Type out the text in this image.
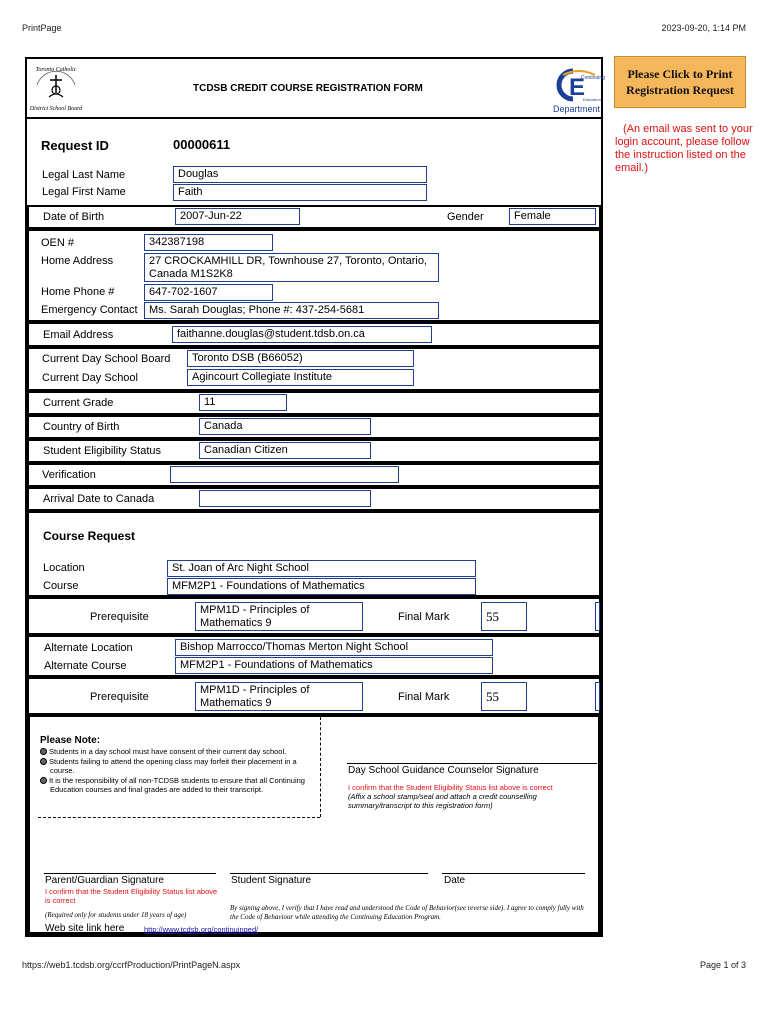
PrintPage	2023-09-20, 1:14 PM
https://web1.tcdsb.org/ccrfProduction/PrintPageN.aspx	Page 1 of 3
Please Click to Print Registration Request
(An email was sent to your login account, please follow the instruction listed on the email.)
Toronto Catholic
District School Board
TCDSB CREDIT COURSE REGISTRATION FORM	E
Continuing
Education
Department
Request ID	00000611
Legal Last Name	Douglas
Legal First Name	Faith
Date of Birth	2007-Jun-22	Gender	Female
OEN #	342387198
Home Address	27 CROCKAMHILL DR, Townhouse 27, Toronto, Ontario, Canada M1S2K8
Home Phone #	647-702-1607
Emergency Contact	Ms. Sarah Douglas; Phone #: 437-254-5681
Email Address	faithanne.douglas@student.tdsb.on.ca
Current Day School Board	Toronto DSB (B66052)
Current Day School	Agincourt Collegiate Institute
Current Grade	11
Country of Birth	Canada
Student Eligibility Status	Canadian Citizen
Verification
Arrival Date to Canada
Course Request
Location	St. Joan of Arc Night School
Course	MFM2P1 - Foundations of Mathematics
Prerequisite
MPM1D - Principles of Mathematics 9	Final Mark	55
Alternate Location	Bishop Marrocco/Thomas Merton Night School
Alternate Course	MFM2P1 - Foundations of Mathematics
Prerequisite
MPM1D - Principles of Mathematics 9	Final Mark	55
Please Note:
Students in a day school must have consent of their current day school.
Students failing to attend the opening class may forfeit their placement in a course.
It is the responsibility of all non-TCDSB students to ensure that all Continuing Education courses and final grades are added to their transcript.
Day School Guidance Counselor Signature
I confirm that the Student Eligibility Status list above is correct
(Affix a school stamp/seal and attach a credit counselling summary/transcript to this registration form)
Parent/Guardian Signature
I confirm that the Student Eligibility Status list above is correct
(Required only for students under 18 years of age)
Student Signature	Date
By signing above, I verify that I have read and understood the Code of Behavior(see reverse side). I agree to comply fully with the Code of Behaviour while attending the Continuing Education Program.
Web site link here	http://www.tcdsb.org/continuinged/
